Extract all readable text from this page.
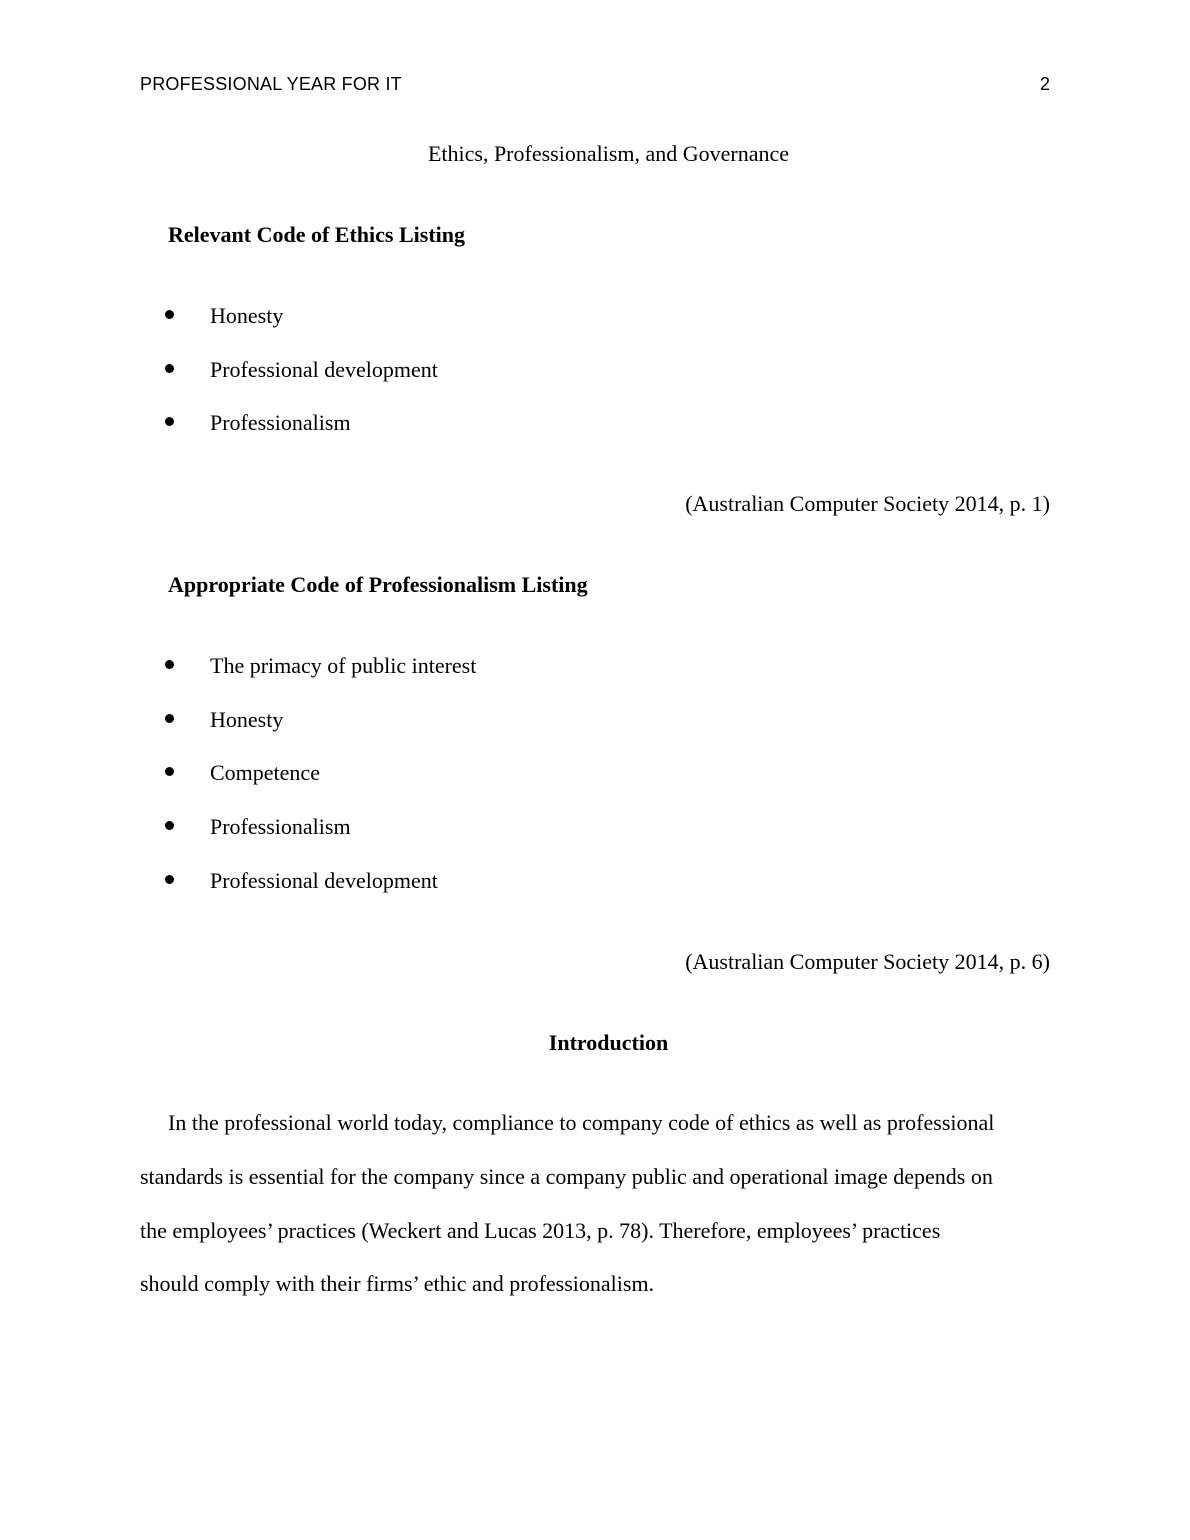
PROFESSIONAL YEAR FOR IT	2
Ethics, Professionalism, and Governance
Relevant Code of Ethics Listing
Honesty
Professional development
Professionalism
(Australian Computer Society 2014, p. 1)
Appropriate Code of Professionalism Listing
The primacy of public interest
Honesty
Competence
Professionalism
Professional development
(Australian Computer Society 2014, p. 6)
Introduction
In the professional world today, compliance to company code of ethics as well as professional
standards is essential for the company since a company public and operational image depends on
the employees’ practices (Weckert and Lucas 2013, p. 78). Therefore, employees’ practices
should comply with their firms’ ethic and professionalism.
